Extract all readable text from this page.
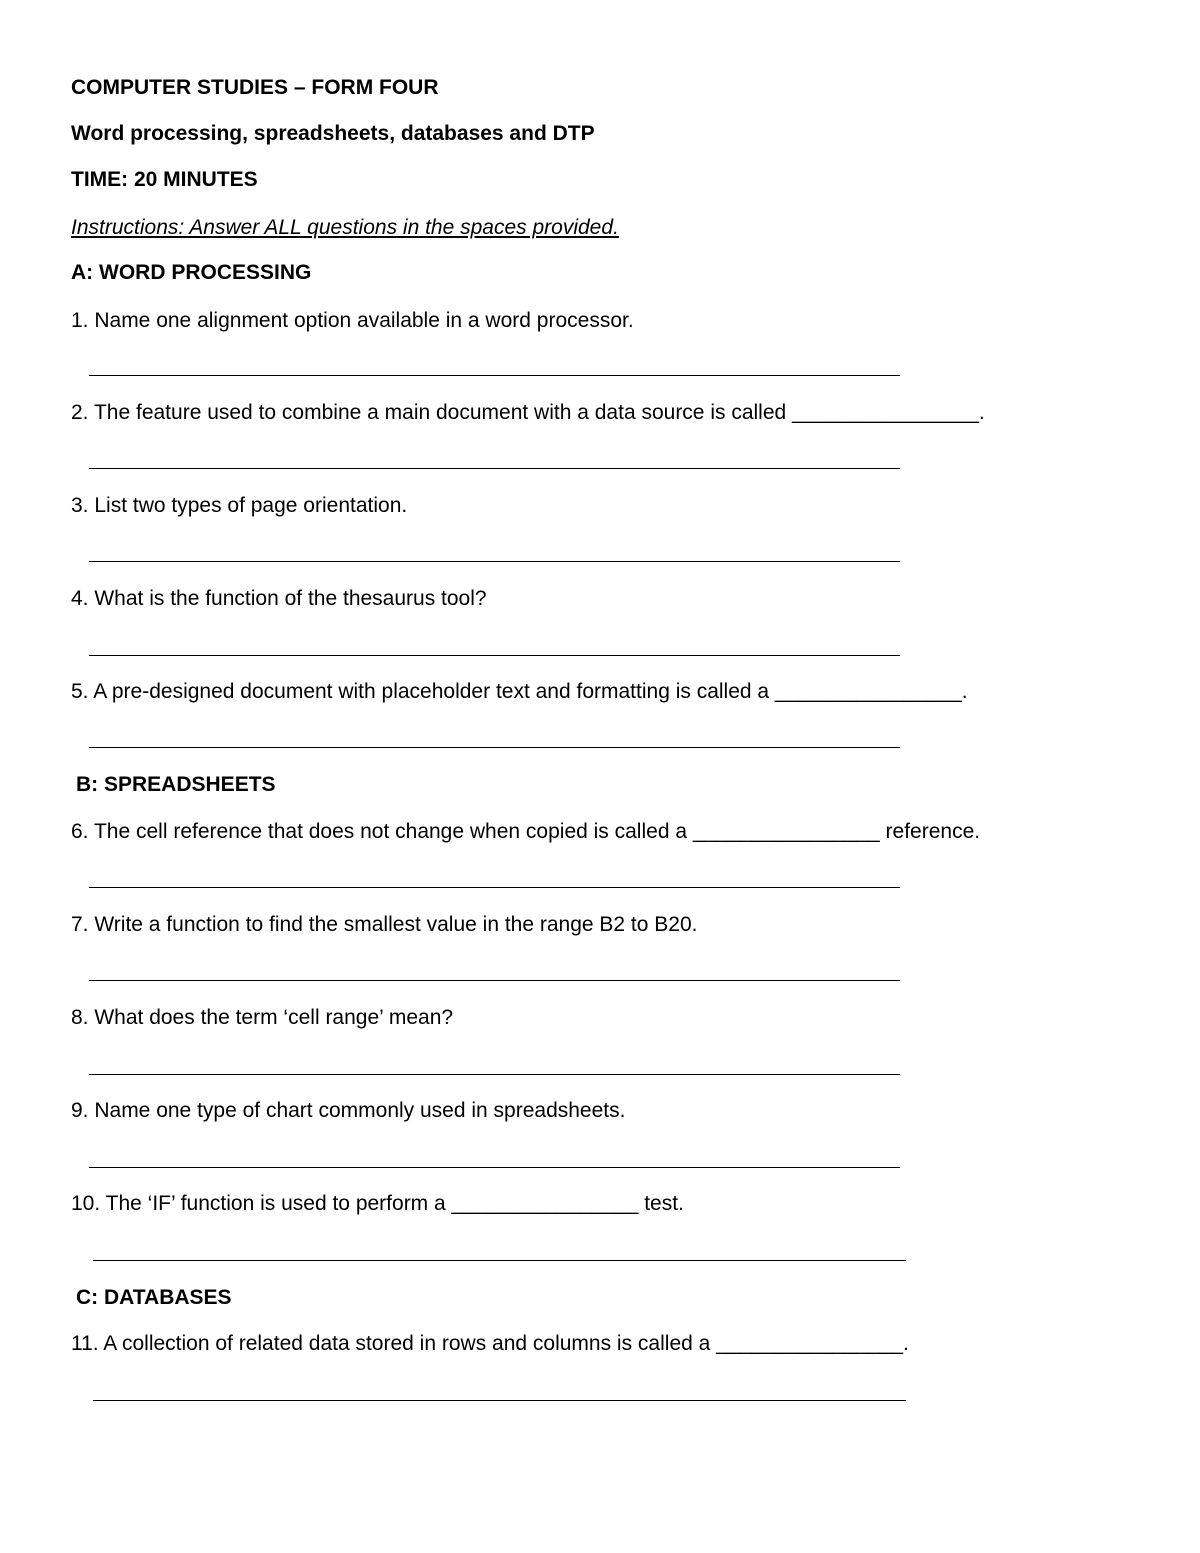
COMPUTER STUDIES – FORM FOUR
Word processing, spreadsheets, databases and DTP
TIME: 20 MINUTES
Instructions: Answer ALL questions in the spaces provided.
A: WORD PROCESSING
1. Name one alignment option available in a word processor.
2. The feature used to combine a main document with a data source is called ________________.
3. List two types of page orientation.
4. What is the function of the thesaurus tool?
5. A pre-designed document with placeholder text and formatting is called a ________________.
B: SPREADSHEETS
6. The cell reference that does not change when copied is called a ________________ reference.
7. Write a function to find the smallest value in the range B2 to B20.
8. What does the term ‘cell range’ mean?
9. Name one type of chart commonly used in spreadsheets.
10. The ‘IF’ function is used to perform a ________________ test.
C: DATABASES
11. A collection of related data stored in rows and columns is called a ________________.
